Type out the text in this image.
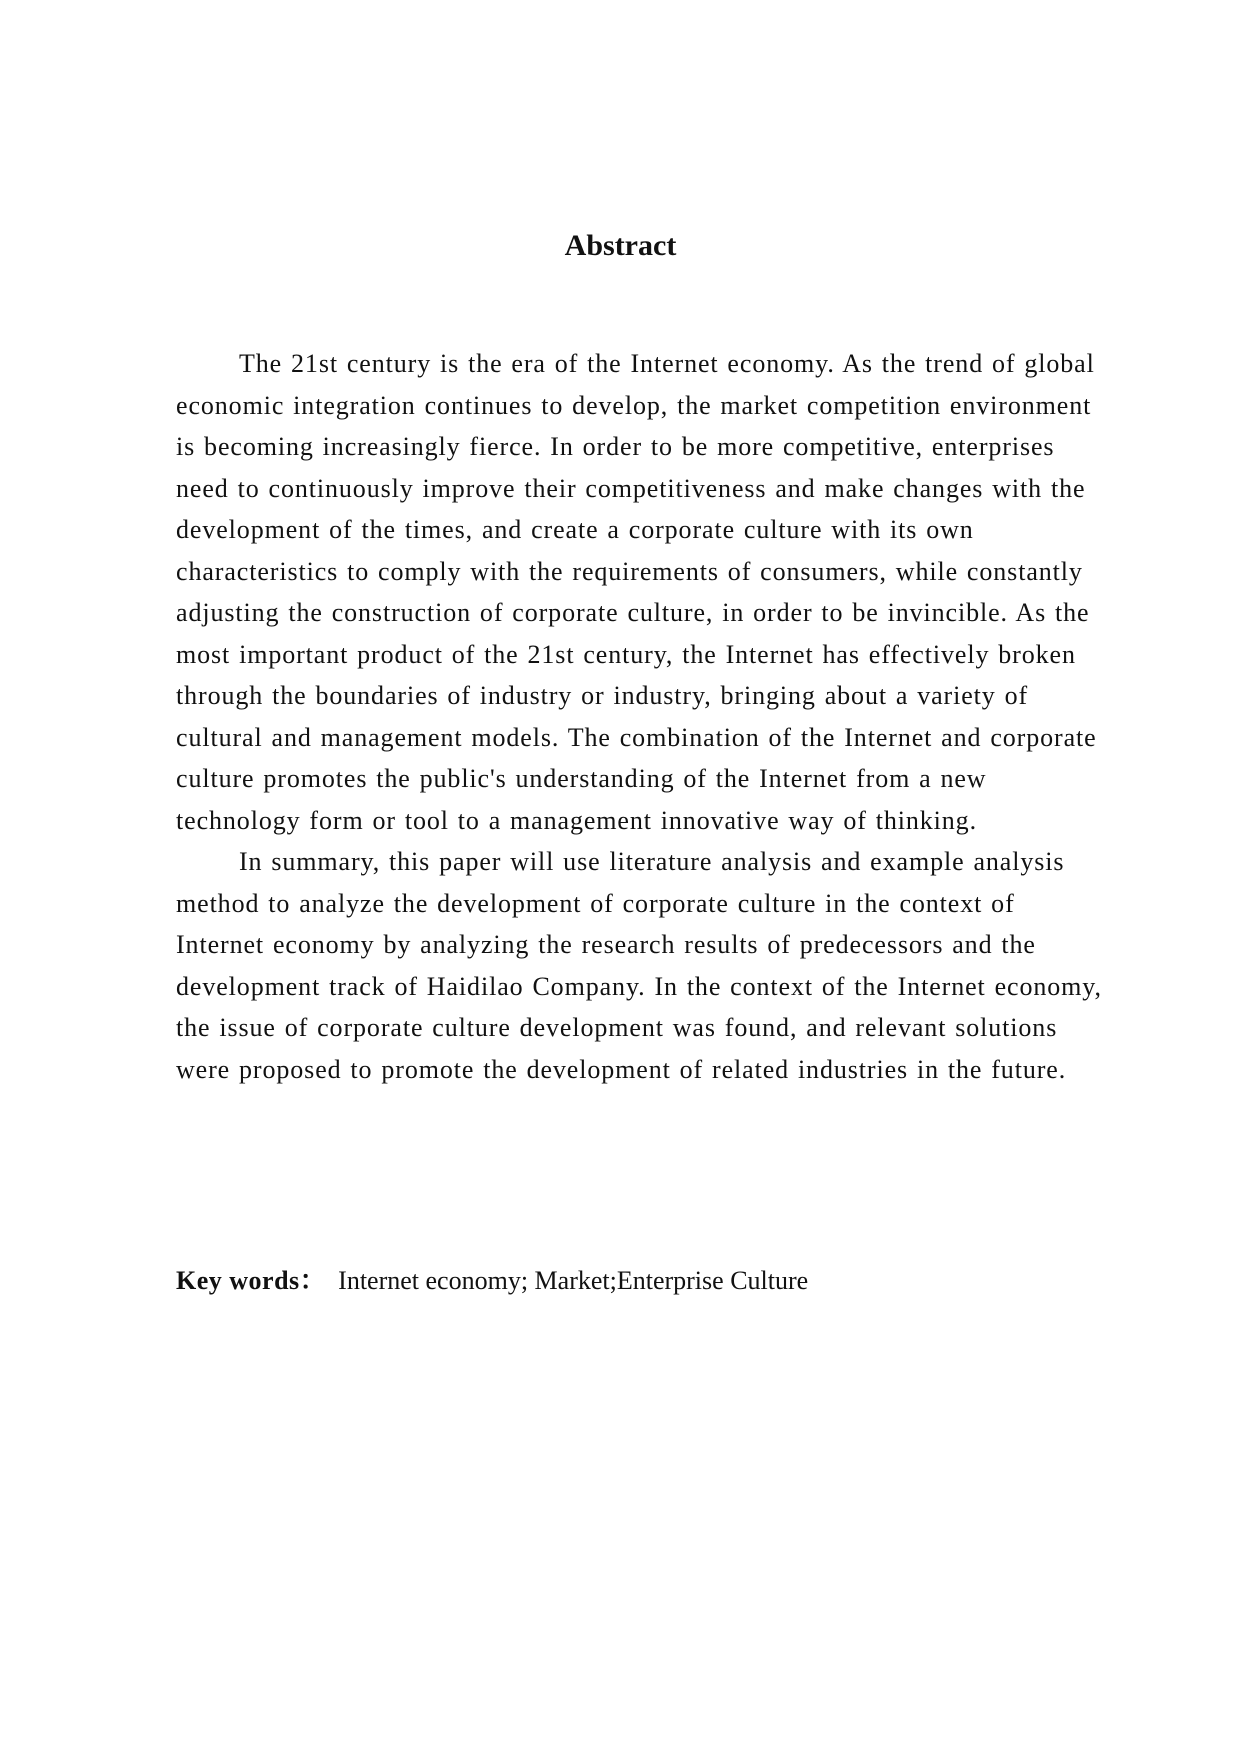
Abstract

The 21st century is the era of the Internet economy. As the trend of global economic integration continues to develop, the market competition environment is becoming increasingly fierce. In order to be more competitive, enterprises need to continuously improve their competitiveness and make changes with the development of the times, and create a corporate culture with its own characteristics to comply with the requirements of consumers, while constantly adjusting the construction of corporate culture, in order to be invincible. As the most important product of the 21st century, the Internet has effectively broken through the boundaries of industry or industry, bringing about a variety of cultural and management models. The combination of the Internet and corporate culture promotes the public's understanding of the Internet from a new technology form or tool to a management innovative way of thinking.

In summary, this paper will use literature analysis and example analysis method to analyze the development of corporate culture in the context of Internet economy by analyzing the research results of predecessors and the development track of Haidilao Company. In the context of the Internet economy, the issue of corporate culture development was found, and relevant solutions were proposed to promote the development of related industries in the future.

Key words： Internet economy; Market;Enterprise Culture
